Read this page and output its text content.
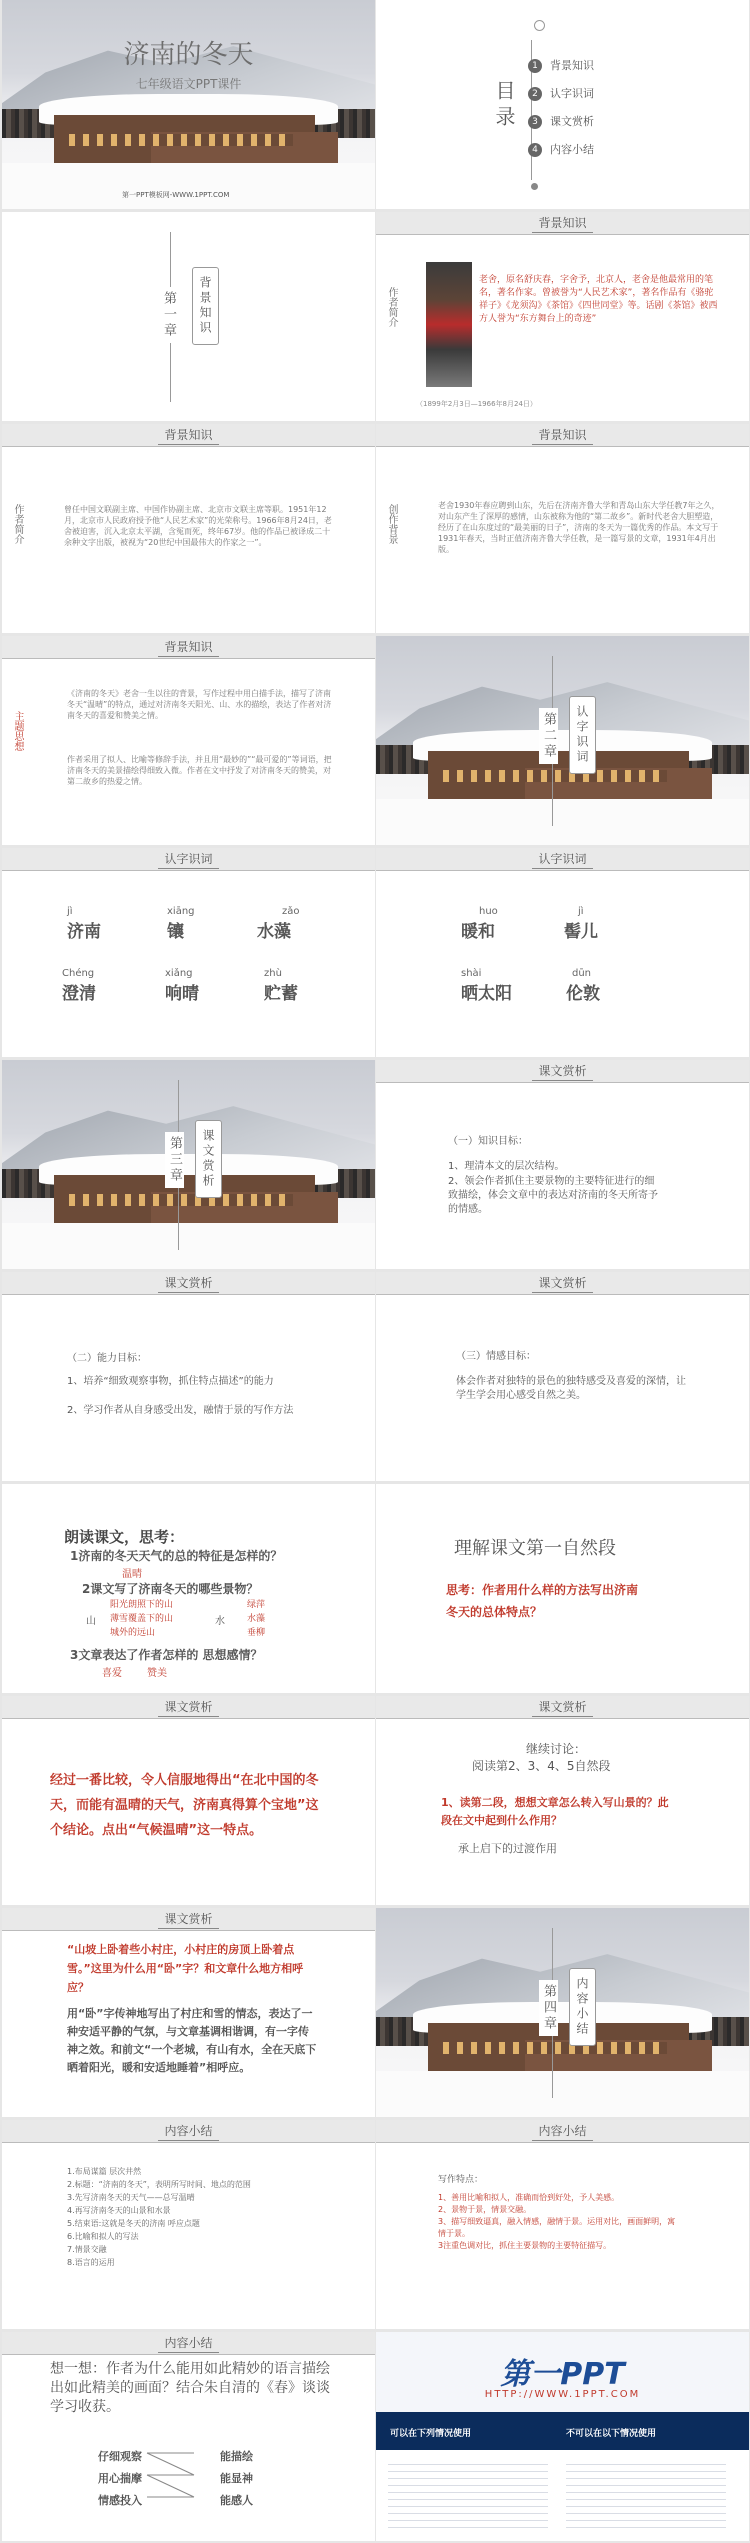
济南的冬天
七年级语文PPT课件
第一PPT模板网-WWW.1PPT.COM
目录
1 背景知识
2 认字识词
3 课文赏析
4 内容小结
第一章	背景知识
背景知识
作者简介
老舍，原名舒庆春，字舍予，北京人，老舍是他最常用的笔名，著名作家。曾被誉为“人民艺术家”，著名作品有《骆驼祥子》《龙须沟》《茶馆》《四世同堂》等。话剧《茶馆》被西方人誉为“东方舞台上的奇迹”
（1899年2月3日—1966年8月24日）
背景知识
作者简介	曾任中国文联副主席、中国作协副主席、北京市文联主席等职。1951年12月，北京市人民政府授予他“人民艺术家”的光荣称号。1966年8月24日，老舍被迫害，沉入北京太平湖，含冤而死，终年67岁。他的作品已被译成二十余种文字出版，被视为“20世纪中国最伟大的作家之一”。

背景知识
创作背景	老舍1930年春应聘到山东，先后在济南齐鲁大学和青岛山东大学任教7年之久，对山东产生了深厚的感情，山东被称为他的“第二故乡”。新时代老舍大胆塑造，经历了在山东度过的“最美丽的日子”，济南的冬天为一篇优秀的作品。本文写于1931年春天，当时正值济南齐鲁大学任教，是一篇写景的文章，1931年4月出版。

背景知识
主题思想

《济南的冬天》老舍一生以往的背景，写作过程中用白描手法，描写了济南冬天“温晴”的特点，通过对济南冬天阳光、山、水的描绘，表达了作者对济南冬天的喜爱和赞美之情。

作者采用了拟人、比喻等修辞手法，并且用“最妙的”“最可爱的”等词语，把济南冬天的美景描绘得细致入微。作者在文中抒发了对济南冬天的赞美，对第二故乡的热爱之情。

第二章	认字识词
认字识词
jì
济南
xiāng
镶
zǎo
水藻
Chéng
澄清
xiǎng
响晴
zhù
贮蓄
认字识词
huo
暖和
jì
髻儿
shài
晒太阳
dūn
伦敦
第三章	课文赏析
课文赏析
（一）知识目标：
1、理清本文的层次结构。
2、领会作者抓住主要景物的主要特征进行的细致描绘，体会文章中的表达对济南的冬天所寄予的情感。
课文赏析
（二）能力目标：
1、培养“细致观察事物，抓住特点描述”的能力
2、学习作者从自身感受出发，融情于景的写作方法
课文赏析
（三）情感目标：
体会作者对独特的景色的独特感受及喜爱的深情，让学生学会用心感受自然之美。
朗读课文，思考：
1济南的冬天天气的总的特征是怎样的？
温晴
2课文写了济南冬天的哪些景物？
山
阳光朗照下的山
薄雪覆盖下的山
城外的远山
水
绿萍
水藻
垂柳
3文章表达了作者怎样的 思想感情？
喜爱	赞美
理解课文第一自然段
思考：作者用什么样的方法写出济南冬天的总体特点？
课文赏析
经过一番比较，令人信服地得出“在北中国的冬天，而能有温晴的天气，济南真得算个宝地”这个结论。点出“气候温晴”这一特点。
课文赏析
继续讨论：
阅读第2、3、4、5自然段
1、读第二段，想想文章怎么转入写山景的？此段在文中起到什么作用？
承上启下的过渡作用
课文赏析
“山坡上卧着些小村庄，小村庄的房顶上卧着点雪。”这里为什么用“卧”字？和文章什么地方相呼应？
用“卧”字传神地写出了村庄和雪的情态，表达了一种安适平静的气氛，与文章基调相谐调，有一字传神之效。和前文“一个老城，有山有水，全在天底下晒着阳光，暖和安适地睡着”相呼应。
第四章	内容小结
内容小结
1.布局谋篇 层次井然
2.标题：“济南的冬天”，表明所写时间、地点的范围
3.先写济南冬天的天气——总写温晴
4.再写济南冬天的山景和水景
5.结束语:这就是冬天的济南 呼应点题
6.比喻和拟人的写法
7.情景交融
8.语言的运用
内容小结
写作特点：
1、善用比喻和拟人，准确而恰到好处，予人美感。
2、景物于景，情景交融。
3、描写细致逼真，融入情感，融情于景。运用对比，画面鲜明，寓情于景。
3注重色调对比，抓住主要景物的主要特征描写。
内容小结
想一想：作者为什么能用如此精妙的语言描绘出如此精美的画面？结合朱自清的《春》谈谈学习收获。
仔细观察
用心揣摩
情感投入
能描绘
能显神
能感人
第一PPT
HTTP://WWW.1PPT.COM
可以在下列情况使用	不可以在以下情况使用
